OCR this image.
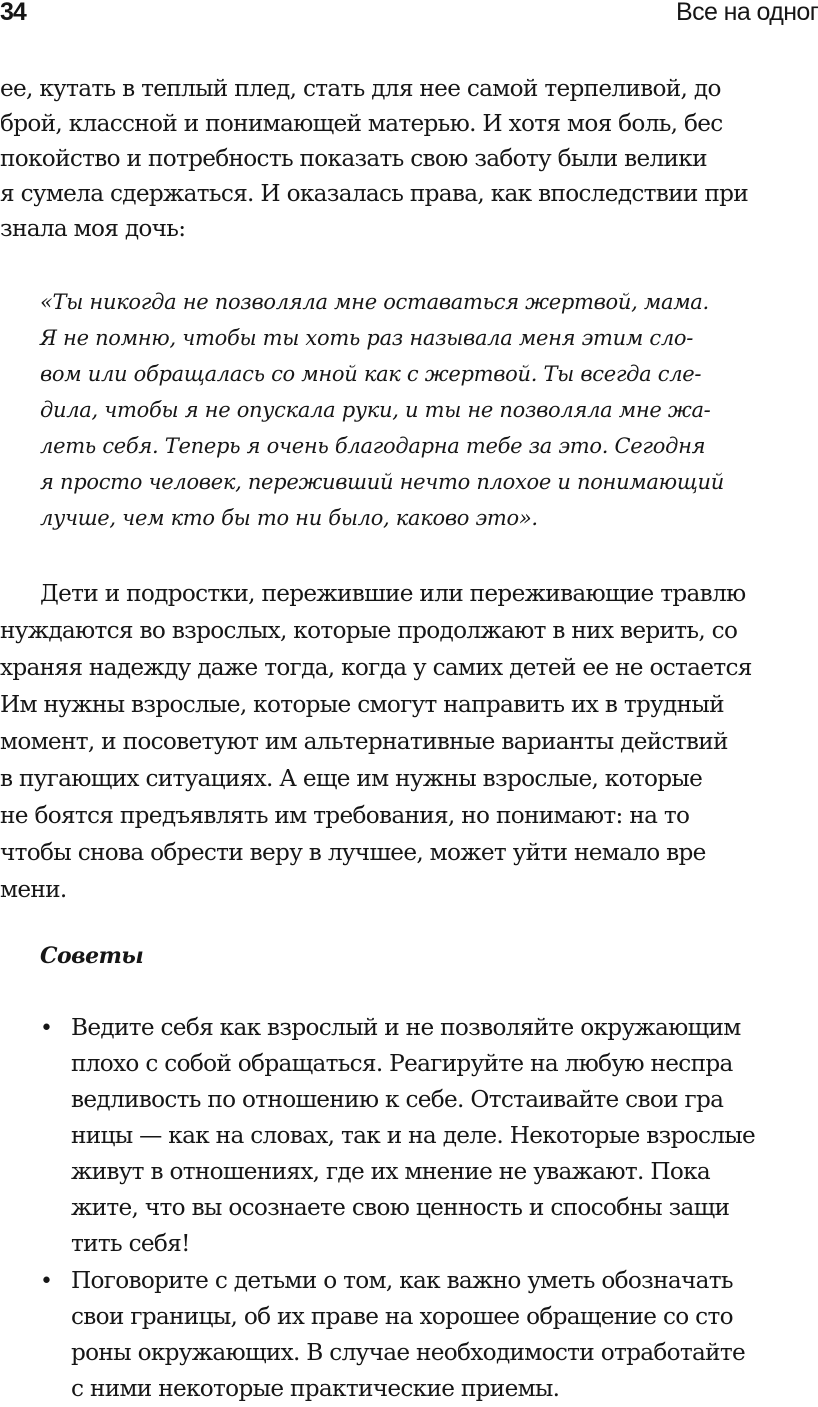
34	Все на одног
ее, кутать в теплый плед, стать для нее самой терпеливой, до
брой, классной и понимающей матерью. И хотя моя боль, бес
покойство и потребность показать свою заботу были велики
я сумела сдержаться. И оказалась права, как впоследствии при
знала моя дочь:
«Ты никогда не позволяла мне оставаться жертвой, мама.
Я не помню, чтобы ты хоть раз называла меня этим сло-
вом или обращалась со мной как с жертвой. Ты всегда сле-
дила, чтобы я не опускала руки, и ты не позволяла мне жа-
леть себя. Теперь я очень благодарна тебе за это. Сегодня
я просто человек, переживший нечто плохое и понимающий
лучше, чем кто бы то ни было, каково это».
Дети и подростки, пережившие или переживающие травлю
нуждаются во взрослых, которые продолжают в них верить, со
храняя надежду даже тогда, когда у самих детей ее не остается
Им нужны взрослые, которые смогут направить их в трудный
момент, и посоветуют им альтернативные варианты действий
в пугающих ситуациях. А еще им нужны взрослые, которые
не боятся предъявлять им требования, но понимают: на то
чтобы снова обрести веру в лучшее, может уйти немало вре
мени.
Советы
• Ведите себя как взрослый и не позволяйте окружающим
плохо с собой обращаться. Реагируйте на любую неспра
ведливость по отношению к себе. Отстаивайте свои гра
ницы — как на словах, так и на деле. Некоторые взрослые
живут в отношениях, где их мнение не уважают. Пока
жите, что вы осознаете свою ценность и способны защи
тить себя!
• Поговорите с детьми о том, как важно уметь обозначать
свои границы, об их праве на хорошее обращение со сто
роны окружающих. В случае необходимости отработайте
с ними некоторые практические приемы.
